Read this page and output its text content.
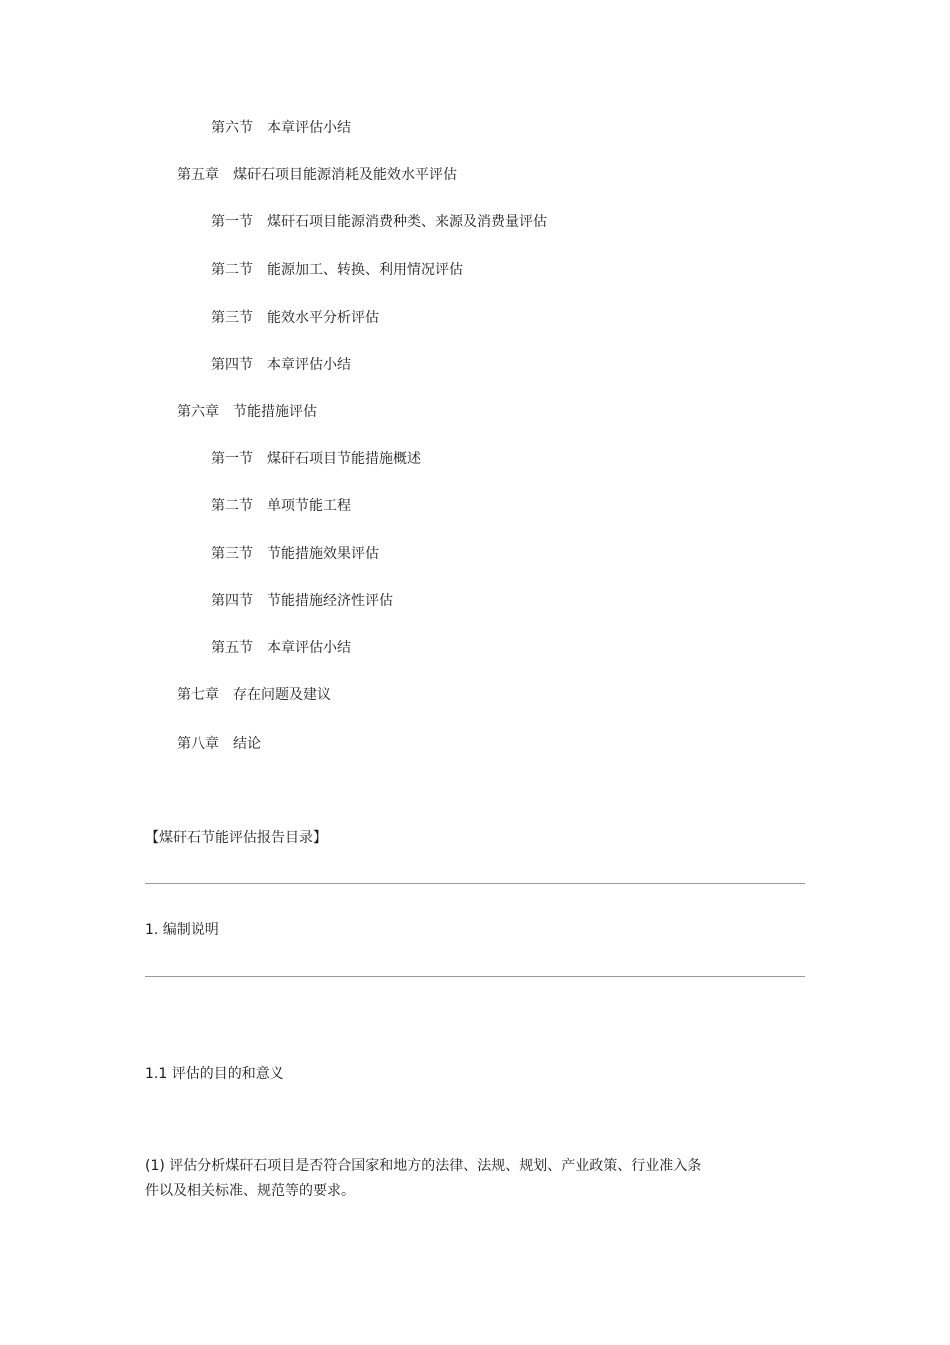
第六节 本章评估小结
第五章 煤矸石项目能源消耗及能效水平评估
第一节 煤矸石项目能源消费种类、来源及消费量评估
第二节 能源加工、转换、利用情况评估
第三节 能效水平分析评估
第四节 本章评估小结
第六章 节能措施评估
第一节 煤矸石项目节能措施概述
第二节 单项节能工程
第三节 节能措施效果评估
第四节 节能措施经济性评估
第五节 本章评估小结
第七章 存在问题及建议
第八章 结论
【煤矸石节能评估报告目录】
1. 编制说明
1.1 评估的目的和意义
(1) 评估分析煤矸石项目是否符合国家和地方的法律、法规、规划、产业政策、行业准入条
件以及相关标准、规范等的要求。
